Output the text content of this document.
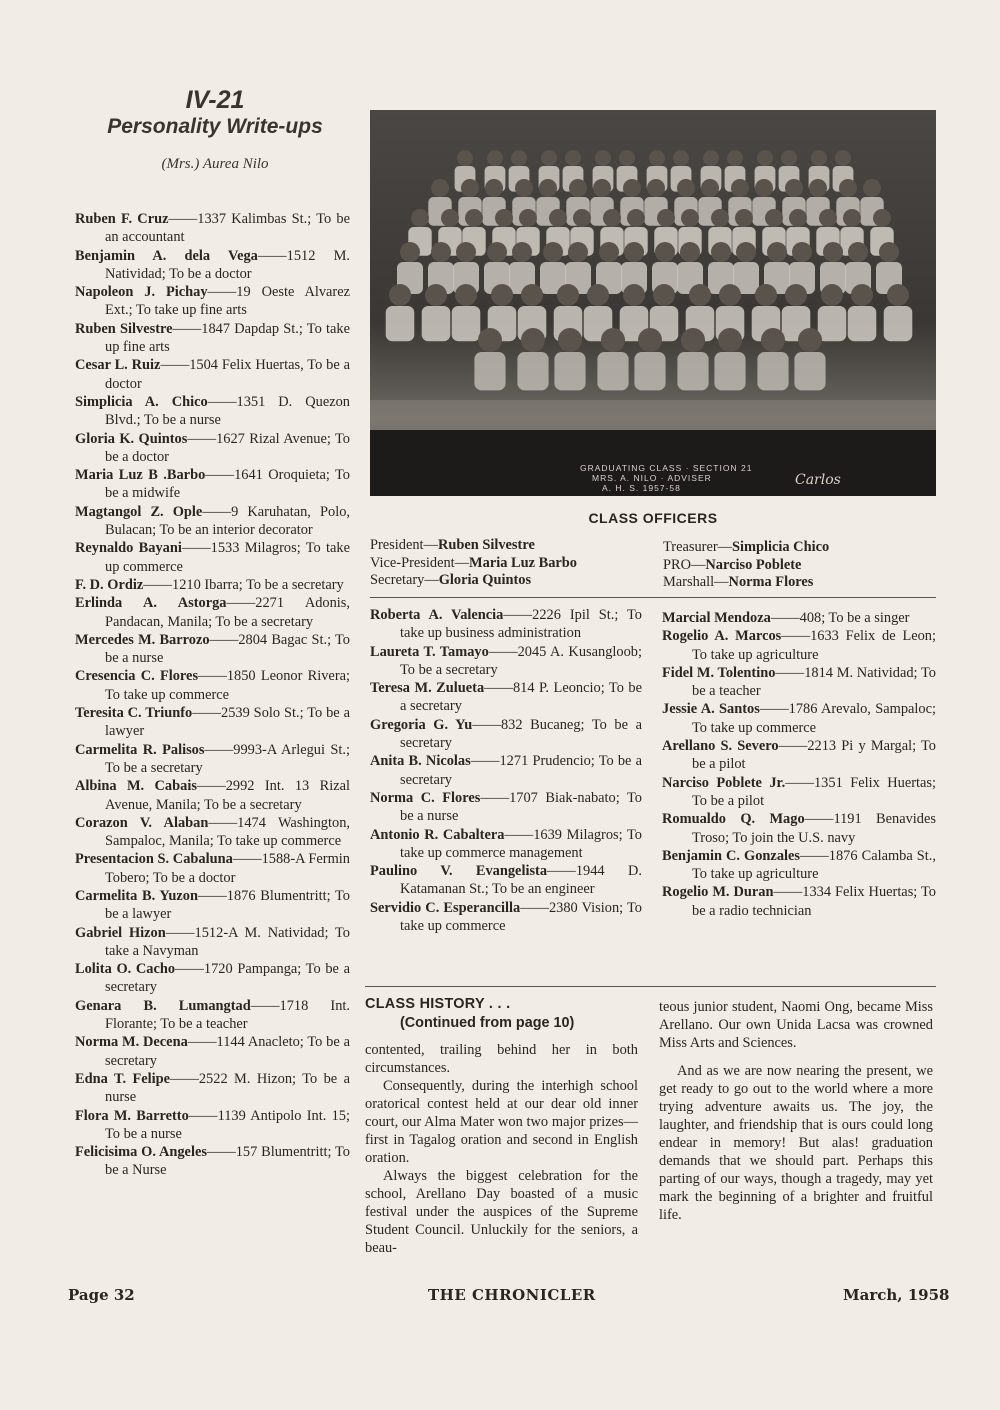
IV-21
Personality Write-ups
(Mrs.) Aurea Nilo

Ruben F. Cruz——1337 Kalimbas St.; To be an accountant

Benjamin A. dela Vega——1512 M. Natividad; To be a doctor

Napoleon J. Pichay——19 Oeste Alvarez Ext.; To take up fine arts

Ruben Silvestre——1847 Dapdap St.; To take up fine arts

Cesar L. Ruiz——1504 Felix Huertas, To be a doctor

Simplicia A. Chico——1351 D. Quezon Blvd.; To be a nurse

Gloria K. Quintos——1627 Rizal Avenue; To be a doctor

Maria Luz B .Barbo——1641 Oroquieta; To be a midwife

Magtangol Z. Ople——9 Karuhatan, Polo, Bulacan; To be an interior decorator

Reynaldo Bayani——1533 Milagros; To take up commerce

F. D. Ordiz——1210 Ibarra; To be a secretary

Erlinda A. Astorga——2271 Adonis, Pandacan, Manila; To be a secretary

Mercedes M. Barrozo——2804 Bagac St.; To be a nurse

Cresencia C. Flores——1850 Leonor Rivera; To take up commerce

Teresita C. Triunfo——2539 Solo St.; To be a lawyer

Carmelita R. Palisos——9993-A Arlegui St.; To be a secretary

Albina M. Cabais——2992 Int. 13 Rizal Avenue, Manila; To be a secretary

Corazon V. Alaban——1474 Washington, Sampaloc, Manila; To take up commerce

Presentacion S. Cabaluna——1588-A Fermin Tobero; To be a doctor

Carmelita B. Yuzon——1876 Blumentritt; To be a lawyer

Gabriel Hizon——1512-A M. Natividad; To take a Navyman

Lolita O. Cacho——1720 Pampanga; To be a secretary

Genara B. Lumangtad——1718 Int. Florante; To be a teacher

Norma M. Decena——1144 Anacleto; To be a secretary

Edna T. Felipe——2522 M. Hizon; To be a nurse

Flora M. Barretto——1139 Antipolo Int. 15; To be a nurse

Felicisima O. Angeles——157 Blumentritt; To be a Nurse

GRADUATING CLASS · SECTION 21
MRS. A. NILO · ADVISER
A. H. S. 1957-58	Carlos
CLASS OFFICERS
President—Ruben Silvestre
Vice-President—Maria Luz Barbo
Secretary—Gloria Quintos
Treasurer—Simplicia Chico
PRO—Narciso Poblete
Marshall—Norma Flores

Roberta A. Valencia——2226 Ipil St.; To take up business administration

Laureta T. Tamayo——2045 A. Kusangloob; To be a secretary

Teresa M. Zulueta——814 P. Leoncio; To be a secretary

Gregoria G. Yu——832 Bucaneg; To be a secretary

Anita B. Nicolas——1271 Prudencio; To be a secretary

Norma C. Flores——1707 Biak-nabato; To be a nurse

Antonio R. Cabaltera——1639 Milagros; To take up commerce management

Paulino V. Evangelista——1944 D. Katamanan St.; To be an engineer

Servidio C. Esperancilla——2380 Vision; To take up commerce

Marcial Mendoza——408; To be a singer

Rogelio A. Marcos——1633 Felix de Leon; To take up agriculture

Fidel M. Tolentino——1814 M. Natividad; To be a teacher

Jessie A. Santos——1786 Arevalo, Sampaloc; To take up commerce

Arellano S. Severo——2213 Pi y Margal; To be a pilot

Narciso Poblete Jr.——1351 Felix Huertas; To be a pilot

Romualdo Q. Mago——1191 Benavides Troso; To join the U.S. navy

Benjamin C. Gonzales——1876 Calamba St., To take up agriculture

Rogelio M. Duran——1334 Felix Huertas; To be a radio technician

CLASS HISTORY . . .
(Continued from page 10)

contented, trailing behind her in both circumstances.

Consequently, during the interhigh school oratorical contest held at our dear old inner court, our Alma Mater won two major prizes—first in Tagalog oration and second in English oration.

Always the biggest celebration for the school, Arellano Day boasted of a music festival under the auspices of the Supreme Student Council. Unluckily for the seniors, a beau-

teous junior student, Naomi Ong, became Miss Arellano. Our own Unida Lacsa was crowned Miss Arts and Sciences.

And as we are now nearing the present, we get ready to go out to the world where a more trying adventure awaits us. The joy, the laughter, and friendship that is ours could long endear in memory! But alas! graduation demands that we should part. Perhaps this parting of our ways, though a tragedy, may yet mark the beginning of a brighter and fruitful life.

Page 32	THE CHRONICLER	March, 1958
